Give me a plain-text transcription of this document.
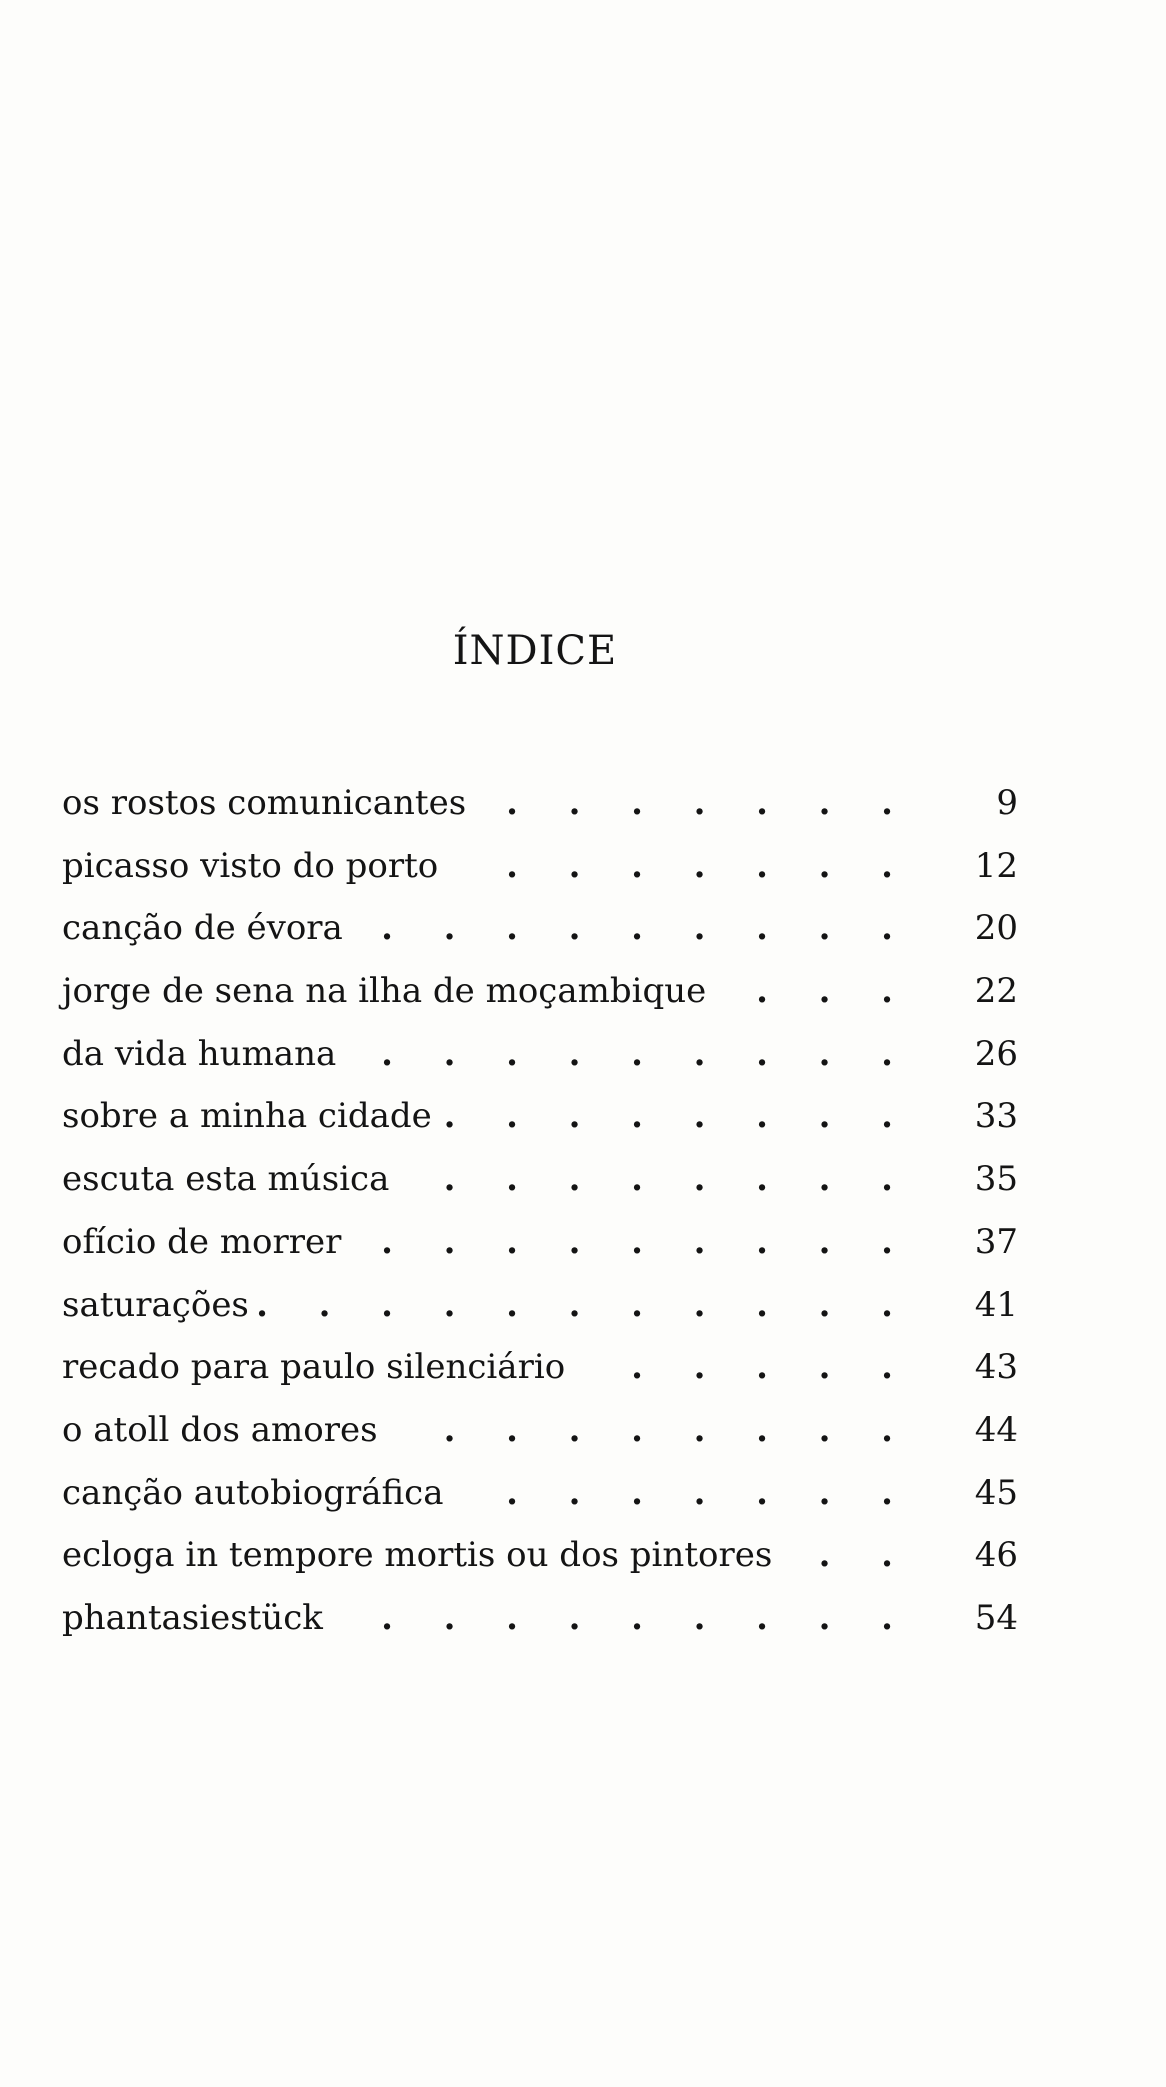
ÍNDICE
os rostos comunicantes . . . . . . .	9
picasso visto do porto . . . . . . .	12
canção de évora . . . . . . . . .	20
jorge de sena na ilha de moçambique . . .	22
da vida humana . . . . . . . . .	26
sobre a minha cidade . . . . . . . .	33
escuta esta música . . . . . . . .	35
ofício de morrer . . . . . . . . .	37
saturações . . . . . . . . . . .	41
recado para paulo silenciário . . . . .	43
o atoll dos amores . . . . . . . .	44
canção autobiográfica . . . . . . .	45
ecloga in tempore mortis ou dos pintores . .	46
phantasiestück . . . . . . . . .	54
